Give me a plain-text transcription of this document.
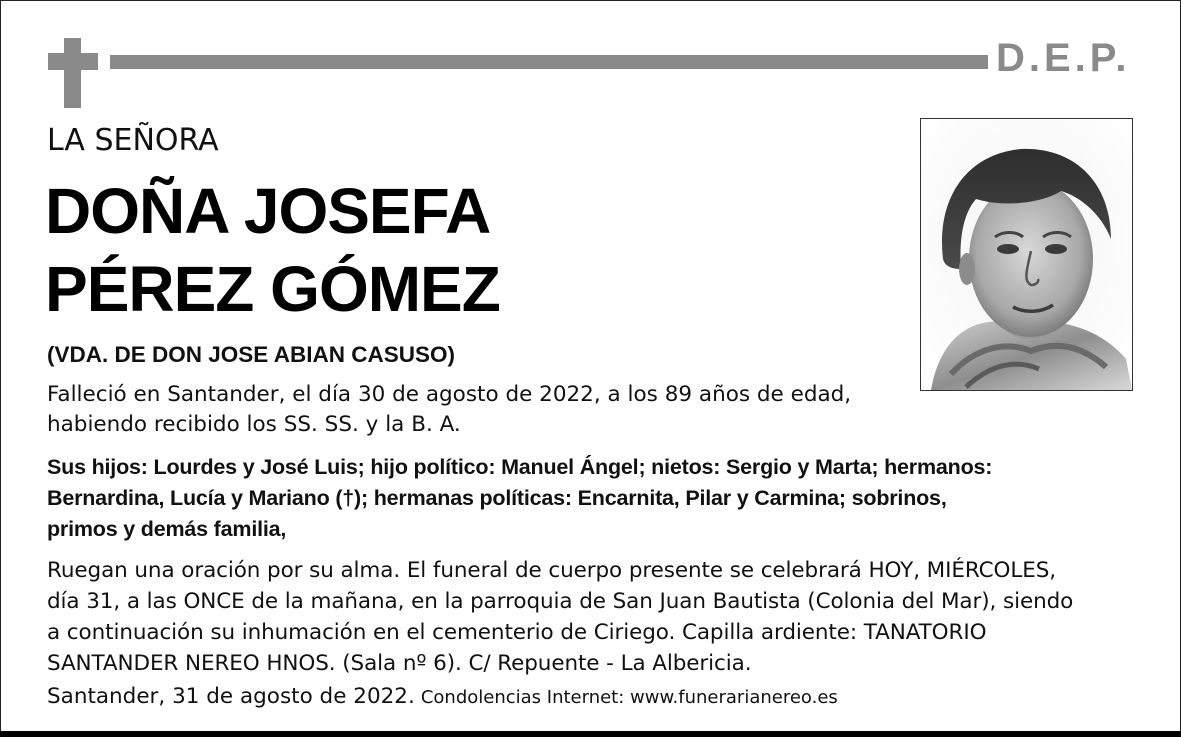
D.E.P.
LA SEÑORA
DOÑA JOSEFA
PÉREZ GÓMEZ
(VDA. DE DON JOSE ABIAN CASUSO)
Falleció en Santander, el día 30 de agosto de 2022, a los 89 años de edad,
habiendo recibido los SS. SS. y la B. A.
Sus hijos: Lourdes y José Luis; hijo político: Manuel Ángel; nietos: Sergio y Marta; hermanos:
Bernardina, Lucía y Mariano (†); hermanas políticas: Encarnita, Pilar y Carmina; sobrinos,
primos y demás familia,
Ruegan una oración por su alma. El funeral de cuerpo presente se celebrará HOY, MIÉRCOLES,
día 31, a las ONCE de la mañana, en la parroquia de San Juan Bautista (Colonia del Mar), siendo
a continuación su inhumación en el cementerio de Ciriego. Capilla ardiente: TANATORIO
SANTANDER NEREO HNOS. (Sala nº 6). C/ Repuente - La Albericia.
Santander, 31 de agosto de 2022. Condolencias Internet: www.funerarianereo.es
